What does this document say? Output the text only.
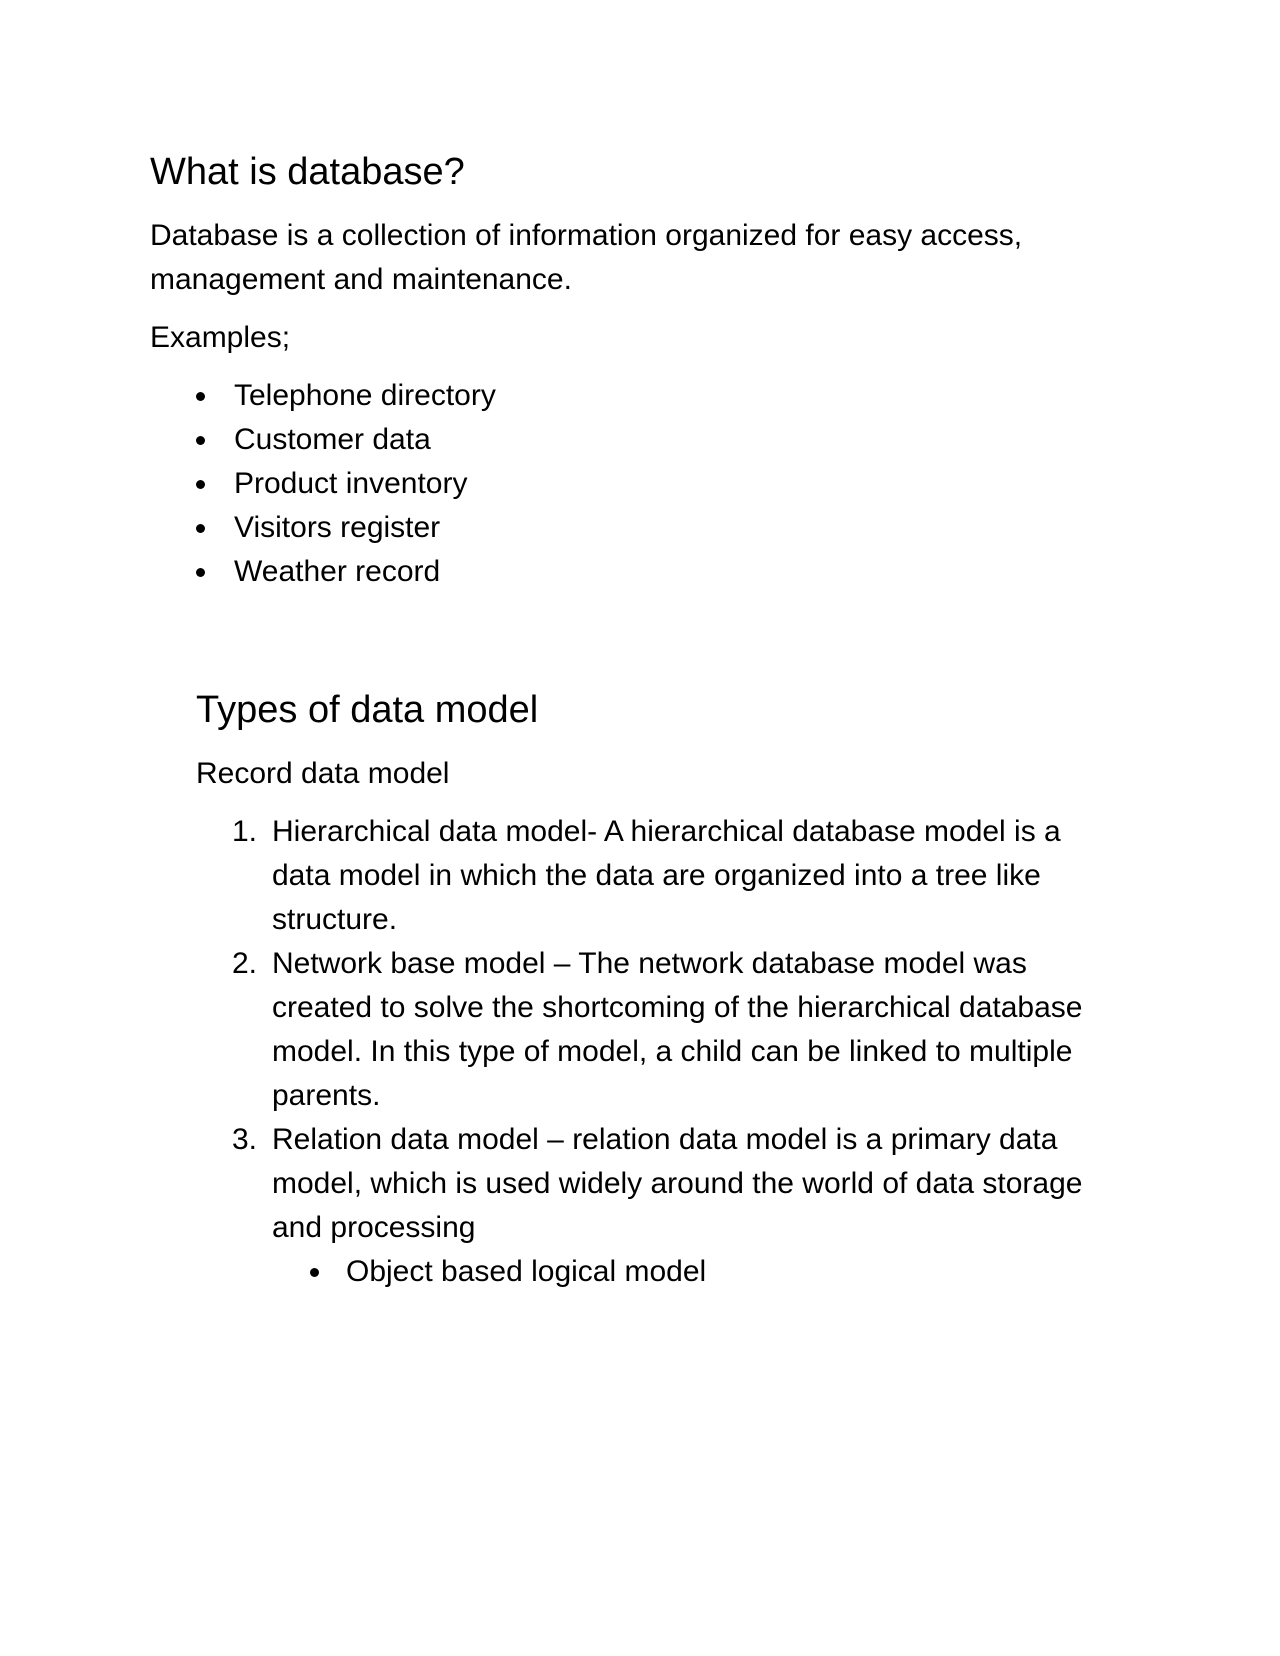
What is database?

Database is a collection of information organized for easy access, management and maintenance.

Examples;

Telephone directory
Customer data
Product inventory
Visitors register
Weather record
Types of data model

Record data model

1. Hierarchical data model- A hierarchical database model is a data model in which the data are organized into a tree like structure.
2. Network base model – The network database model was created to solve the shortcoming of the hierarchical database model. In this type of model, a child can be linked to multiple parents.
3. Relation data model – relation data model is a primary data model, which is used widely around the world of data storage and processing
Object based logical model
